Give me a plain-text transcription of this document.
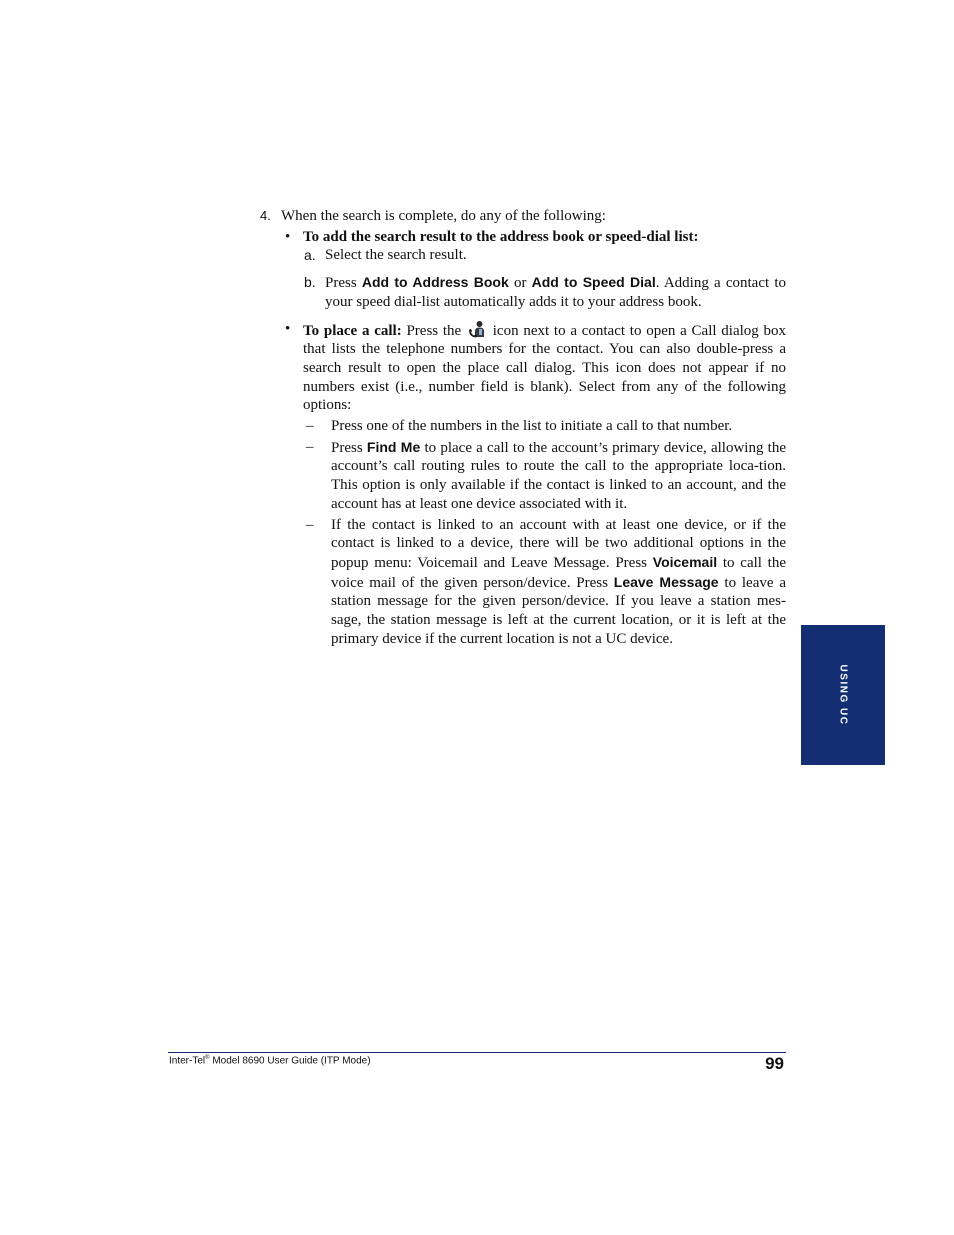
4. When the search is complete, do any of the following:
• To add the search result to the address book or speed-dial list:
a. Select the search result.
b. Press Add to Address Book or Add to Speed Dial. Adding a contact to your speed dial-list automatically adds it to your address book.
• To place a call: Press the icon next to a contact to open a Call dialog box that lists the telephone numbers for the contact. You can also double-press a search result to open the place call dialog. This icon does not appear if no numbers exist (i.e., number field is blank). Select from any of the following options:
– Press one of the numbers in the list to initiate a call to that number.
– Press Find Me to place a call to the account’s primary device, allowing the account’s call routing rules to route the call to the appropriate loca-tion. This option is only available if the contact is linked to an account, and the account has at least one device associated with it.
– If the contact is linked to an account with at least one device, or if the contact is linked to a device, there will be two additional options in the popup menu: Voicemail and Leave Message. Press Voicemail to call the voice mail of the given person/device. Press Leave Message to leave a station message for the given person/device. If you leave a station mes-sage, the station message is left at the current location, or it is left at the primary device if the current location is not a UC device.
USING UC
Inter-Tel® Model 8690 User Guide (ITP Mode)	99
